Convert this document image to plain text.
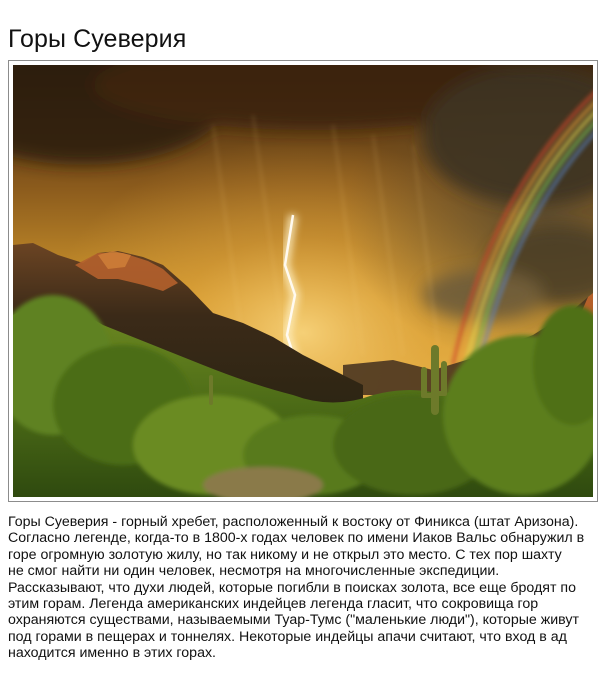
Горы Суеверия

Горы Суеверия - горный хребет, расположенный к востоку от Финикса (штат Аризона).
Согласно легенде, когда-то в 1800-х годах человек по имени Иаков Вальс обнаружил в
горе огромную золотую жилу, но так никому и не открыл это место. С тех пор шахту
не смог найти ни один человек, несмотря на многочисленные экспедиции.
Рассказывают, что духи людей, которые погибли в поисках золота, все еще бродят по
этим горам. Легенда американских индейцев легенда гласит, что сокровища гор
охраняются существами, называемыми Туар-Тумс ("маленькие люди"), которые живут
под горами в пещерах и тоннелях. Некоторые индейцы апачи считают, что вход в ад
находится именно в этих горах.
